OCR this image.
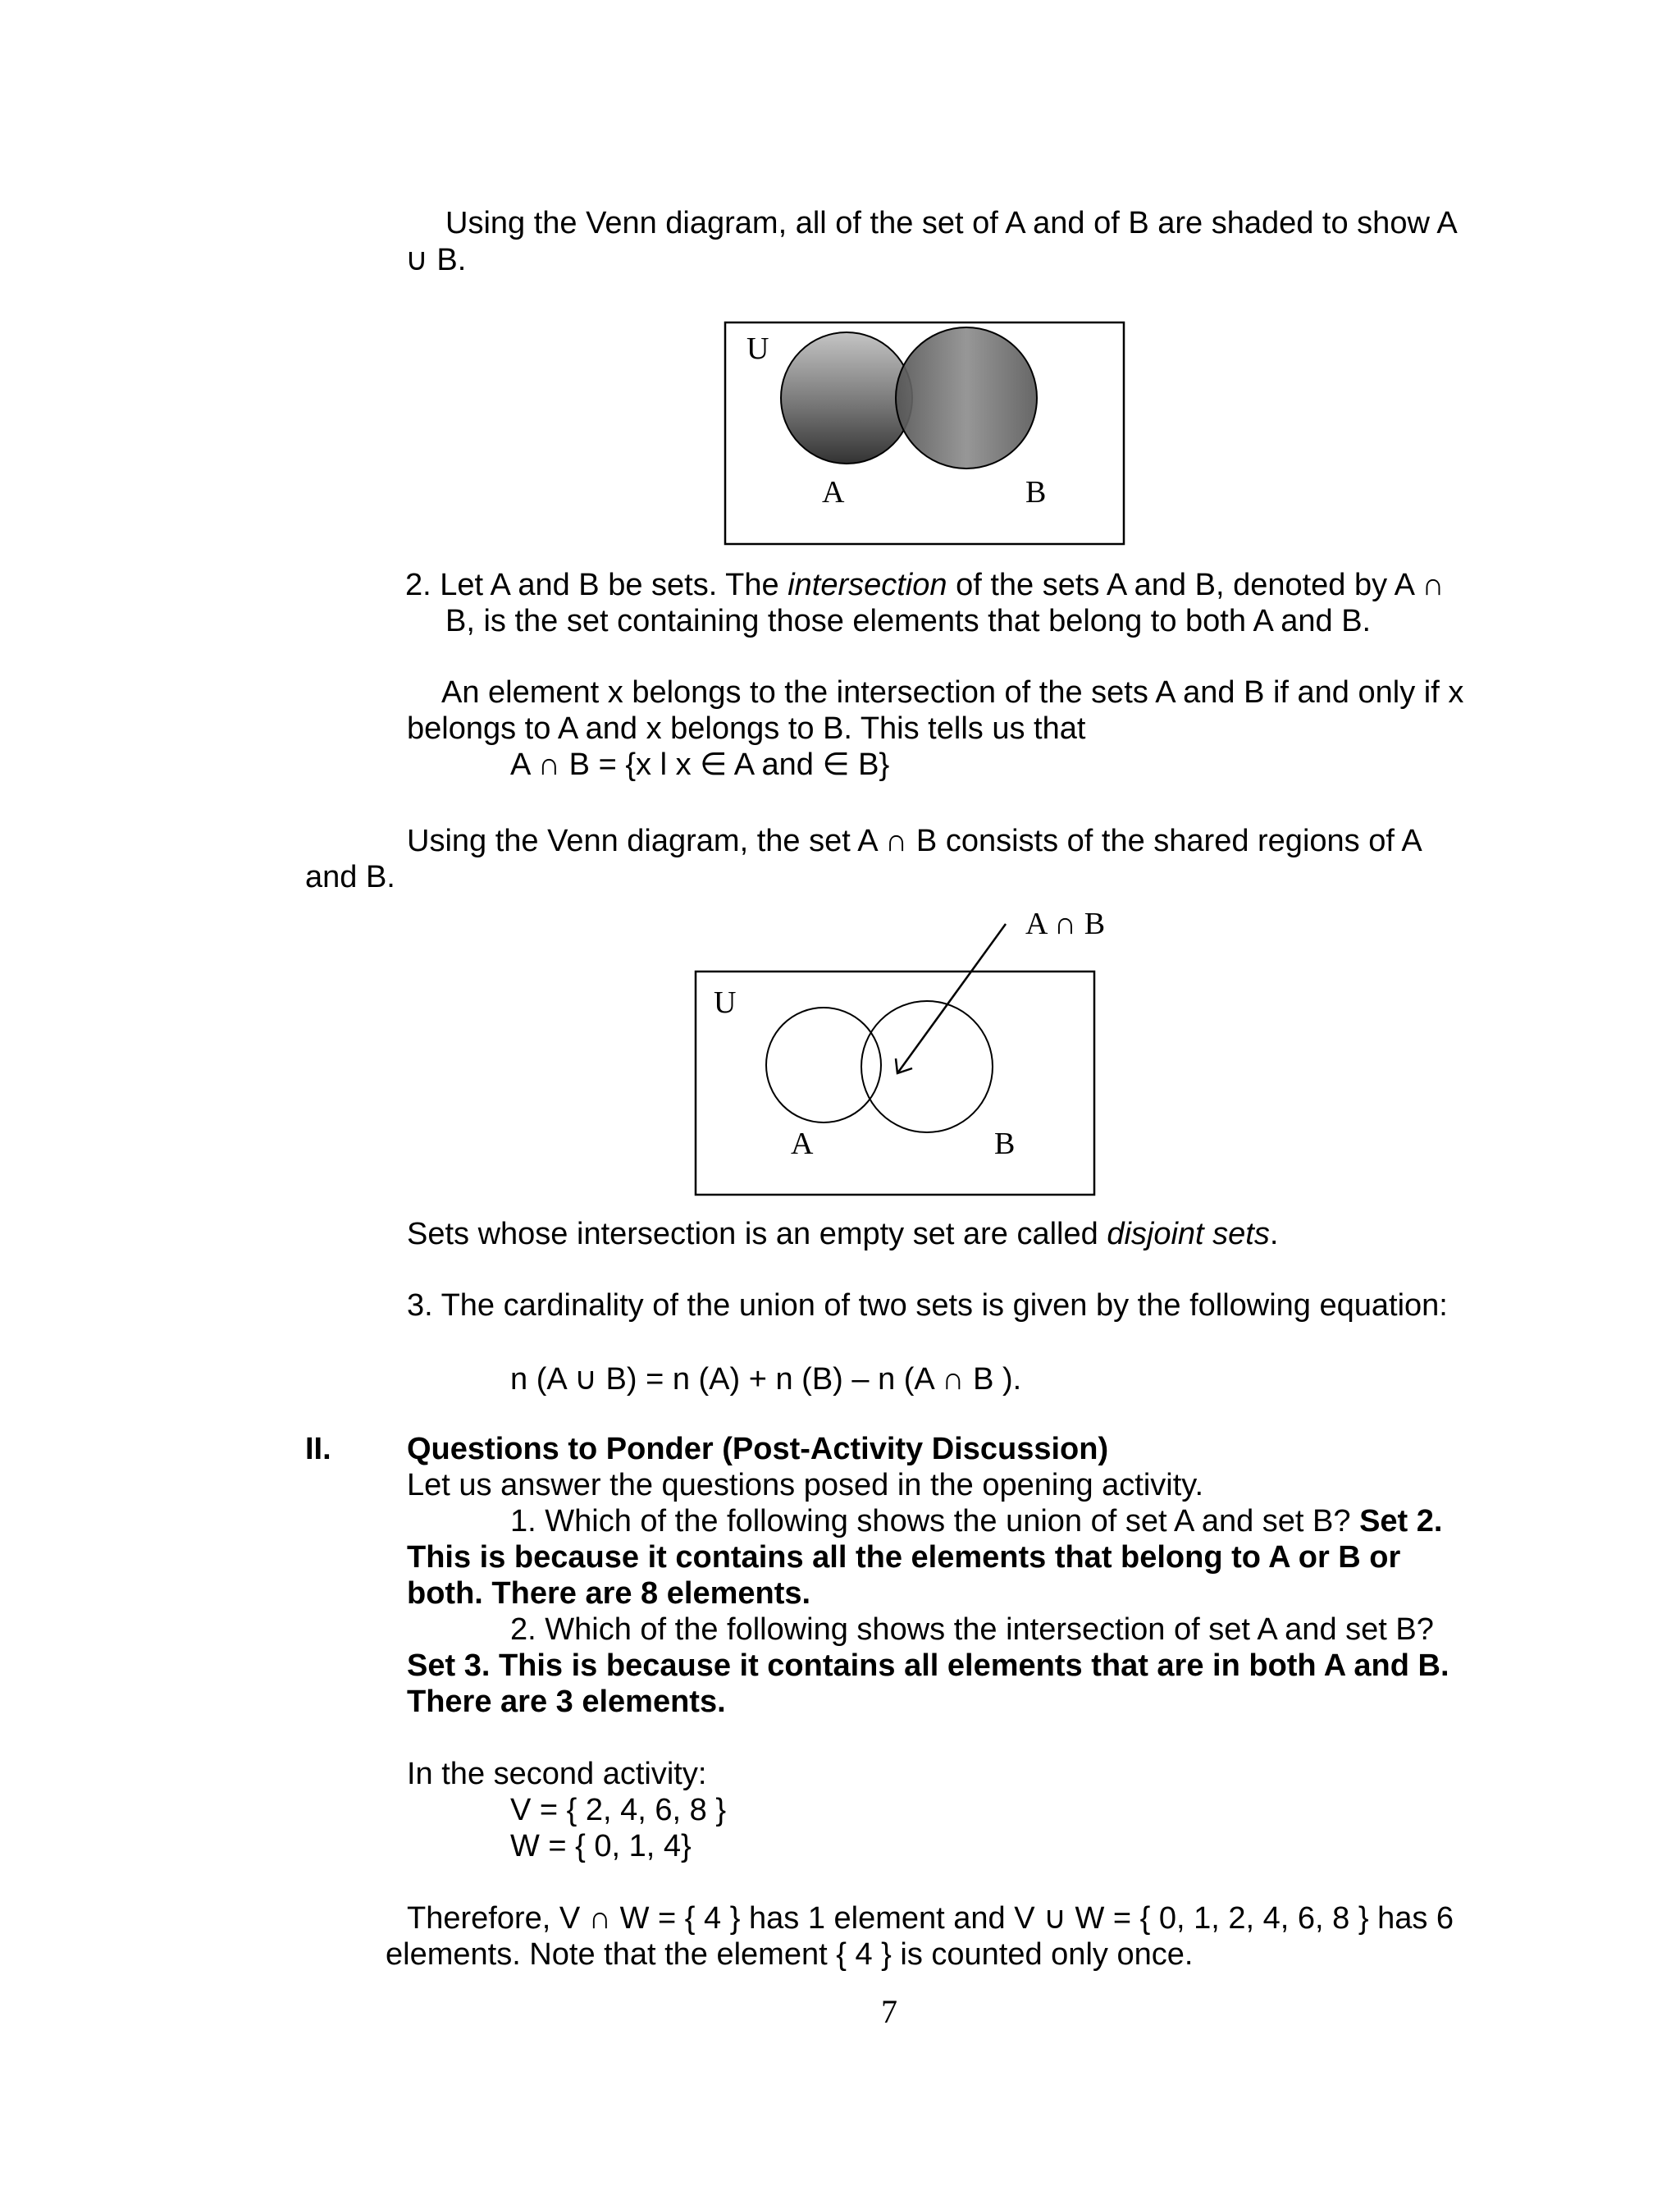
Using the Venn diagram, all of the set of A and of B are shaded to show A
∪ B.
U
A	B
2. Let A and B be sets. The intersection of the sets A and B, denoted by A ∩
B, is the set containing those elements that belong to both A and B.
An element x belongs to the intersection of the sets A and B if and only if x
belongs to A and x belongs to B. This tells us that
A ∩ B = {x l x ∈ A and ∈ B}
Using the Venn diagram, the set A ∩ B consists of the shared regions of A
and B.
A ∩ B
U
A	B
Sets whose intersection is an empty set are called disjoint sets.
3. The cardinality of the union of two sets is given by the following equation:
n (A ∪ B) = n (A) + n (B) – n (A ∩ B ).
II. Questions to Ponder (Post-Activity Discussion)
Let us answer the questions posed in the opening activity.
1. Which of the following shows the union of set A and set B? Set 2.
This is because it contains all the elements that belong to A or B or
both. There are 8 elements.
2. Which of the following shows the intersection of set A and set B?
Set 3. This is because it contains all elements that are in both A and B.
There are 3 elements.
In the second activity:
V = { 2, 4, 6, 8 }
W = { 0, 1, 4}
Therefore, V ∩ W = { 4 } has 1 element and V ∪ W = { 0, 1, 2, 4, 6, 8 } has 6
elements. Note that the element { 4 } is counted only once.
7
